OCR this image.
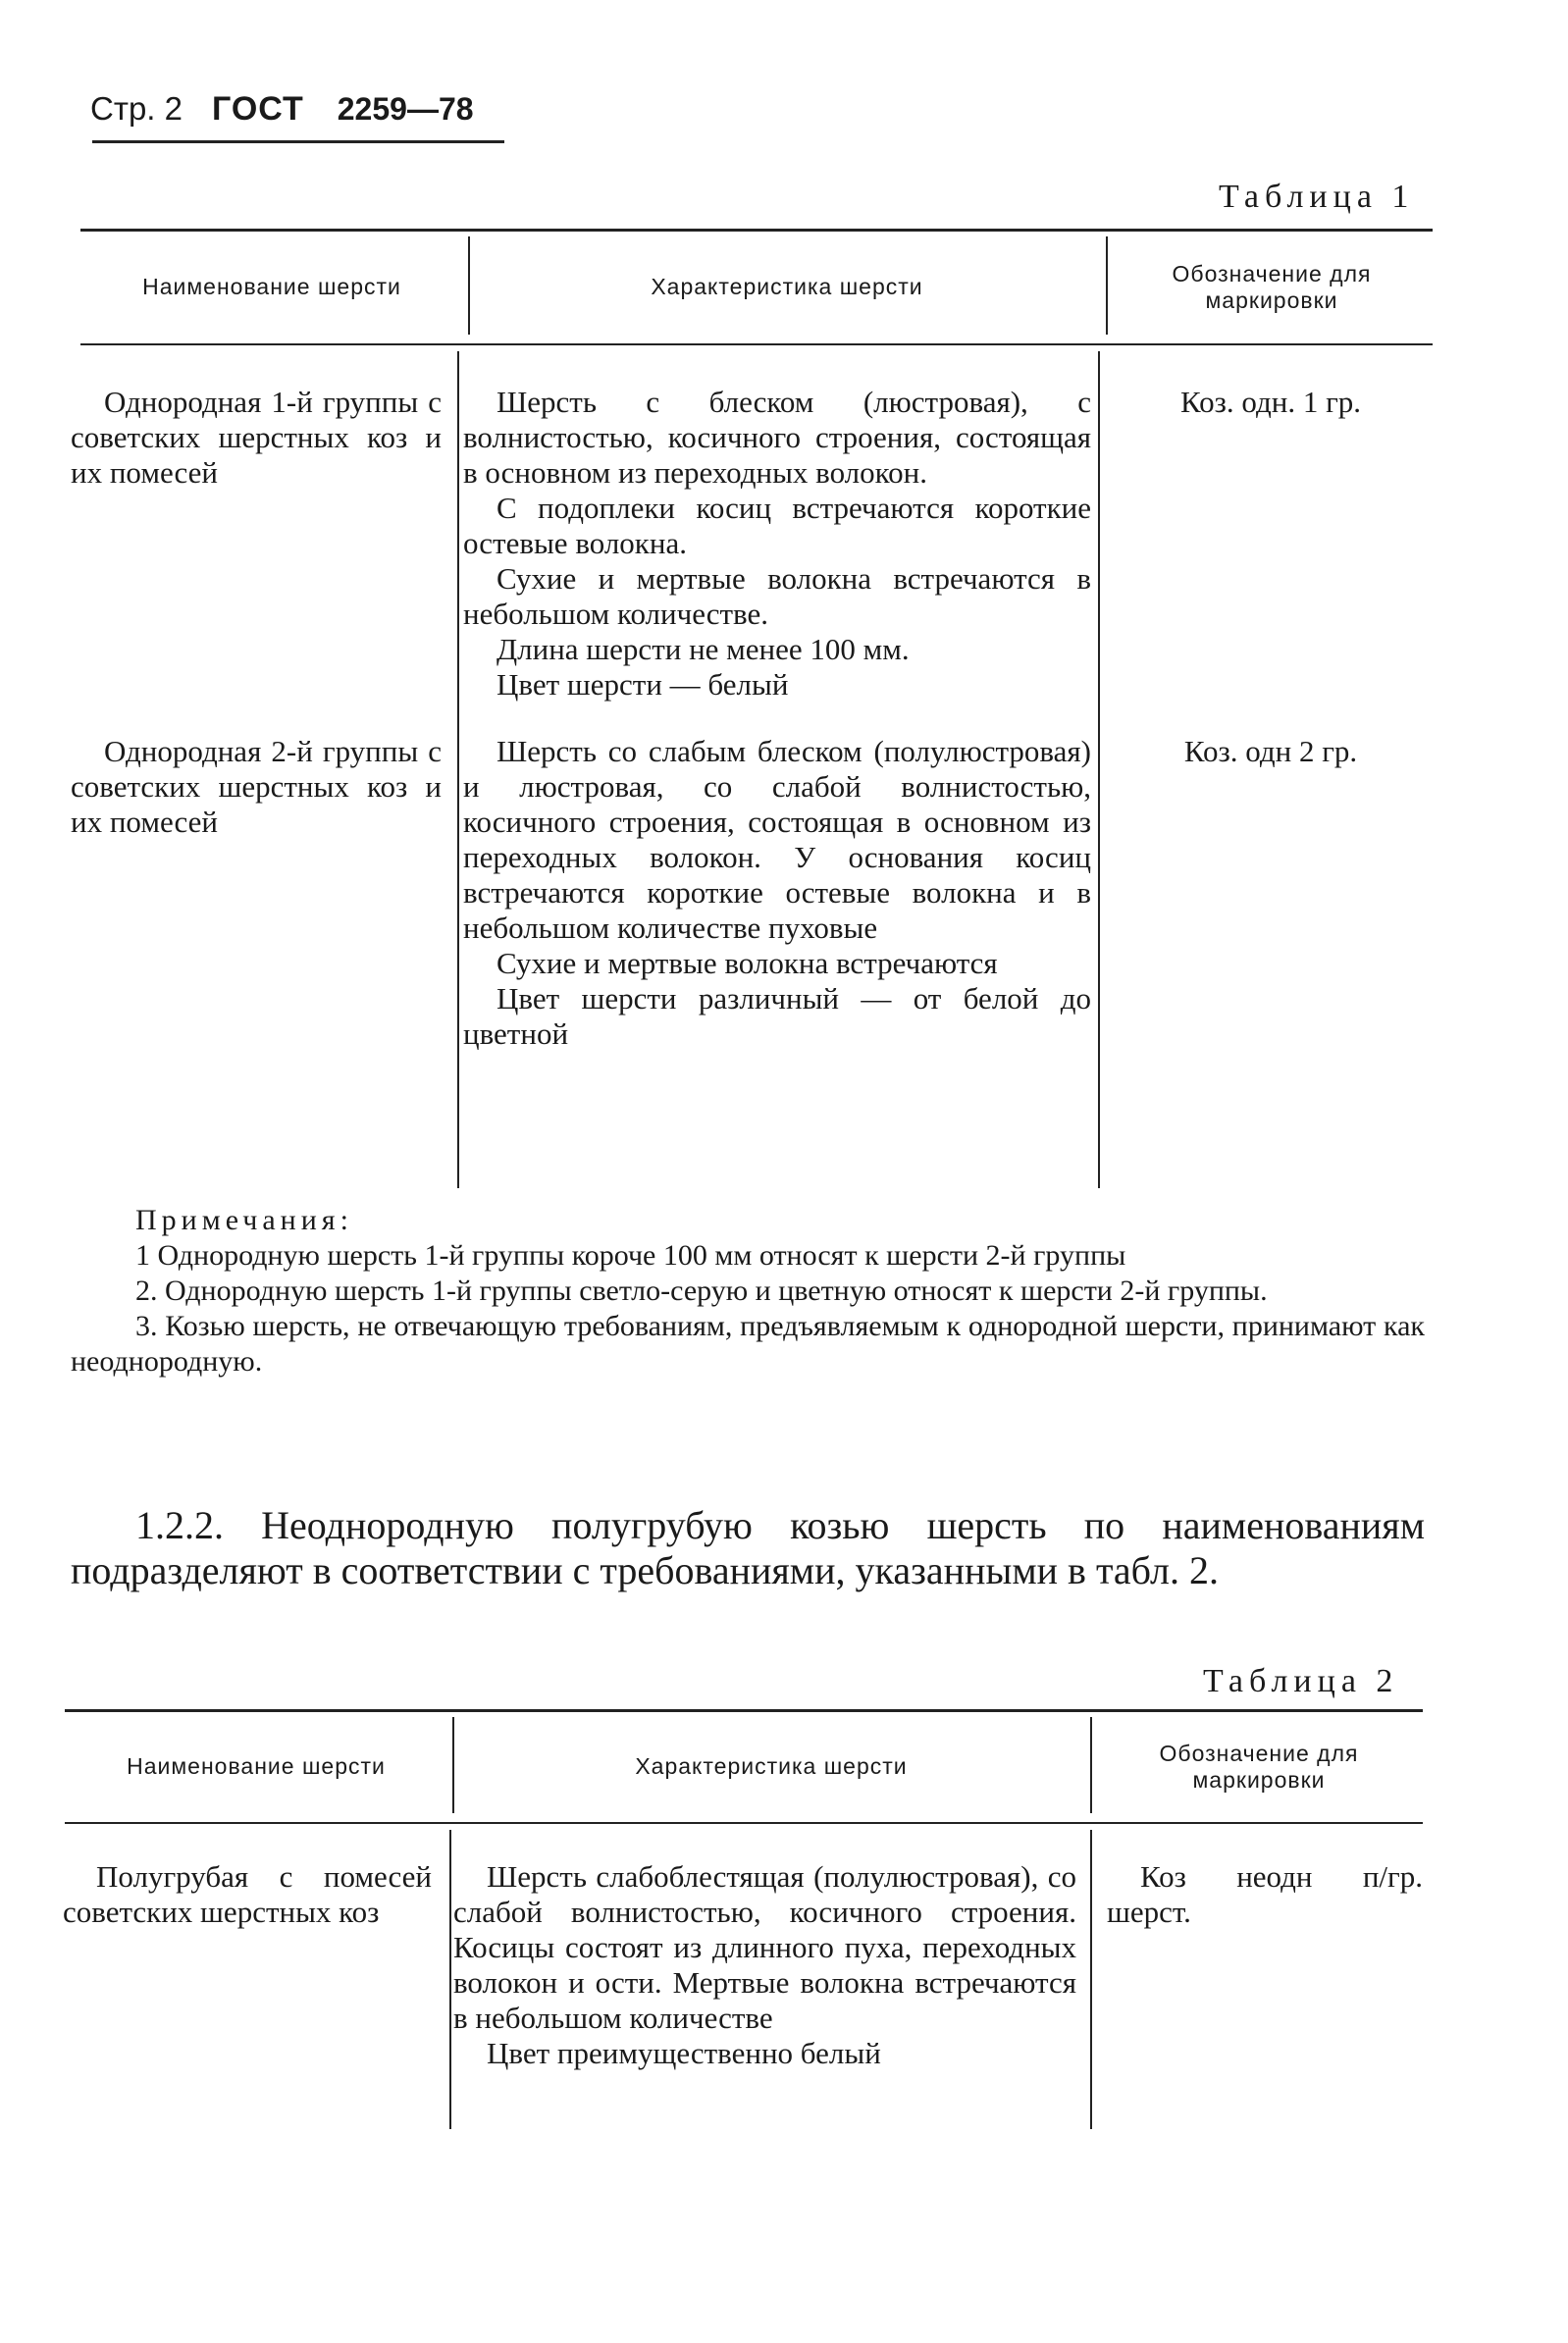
Стр. 2 ГОСТ 2259—78
Таблица 1
Наименование шерсти	Характеристика шерсти
Обозначение для маркировки

Однородная 1-й группы с советских шерстных коз и их помесей

Шерсть с блеском (люстровая), с волнистостью, косичного строения, состоящая в основном из переходных волокон.

С подоплеки косиц встречаются короткие остевые волокна.

Сухие и мертвые волокна встречаются в небольшом количестве.

Длина шерсти не менее 100 мм.

Цвет шерсти — белый

Коз. одн. 1 гр.

Однородная 2-й группы с советских шерстных коз и их помесей

Шерсть со слабым блеском (полулюстровая) и люстровая, со слабой волнистостью, косичного строения, состоящая в основном из переходных волокон. У основания косиц встречаются короткие остевые волокна и в небольшом количестве пуховые

Сухие и мертвые волокна встречаются

Цвет шерсти различный — от белой до цветной

Коз. одн 2 гр.

Примечания:

1 Однородную шерсть 1-й группы короче 100 мм относят к шерсти 2-й группы

2. Однородную шерсть 1-й группы светло-серую и цветную относят к шерсти 2-й группы.

3. Козью шерсть, не отвечающую требованиям, предъявляемым к однородной шерсти, принимают как неоднородную.

1.2.2. Неоднородную полугрубую козью шерсть по наименованиям подразделяют в соответствии с требованиями, указанными в табл. 2.

Таблица 2
Наименование шерсти	Характеристика шерсти
Обозначение для маркировки

Полугрубая с помесей советских шерстных коз

Шерсть слабоблестящая (полулюстровая), со слабой волнистостью, косичного строения. Косицы состоят из длинного пуха, переходных волокон и ости. Мертвые волокна встречаются в небольшом количестве

Цвет преимущественно белый

Коз неодн п/гр. шерст.
